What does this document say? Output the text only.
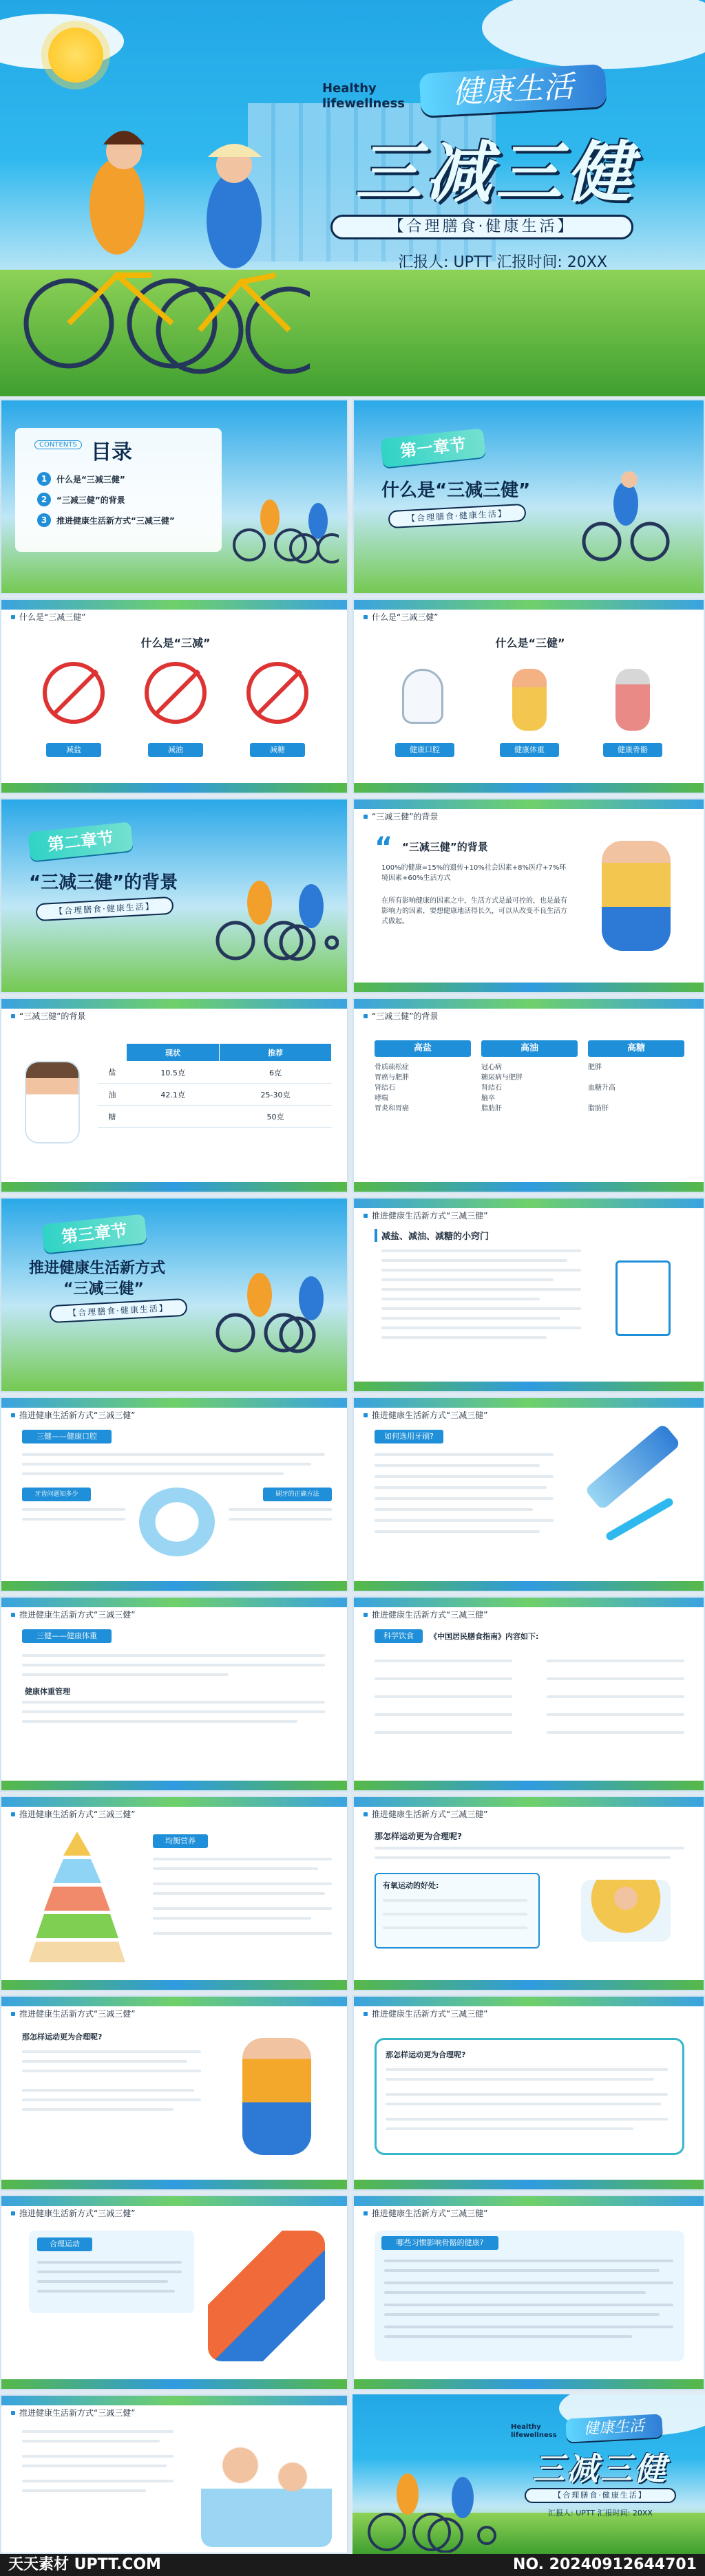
Healthy
lifewellness	健康生活
三减三健
【合理膳食·健康生活】
汇报人: UPTT 汇报时间: 20XX
CONTENTS 目录
1	什么是“三减三健”
2	“三减三健”的背景
3	推进健康生活新方式“三减三健”
第一章节
什么是“三减三健”
【合理膳食·健康生活】
什么是“三减三健”
什么是“三减”
减盐	减油	减糖
什么是“三减三健”
什么是“三健”
健康口腔	健康体重	健康骨骼
第二章节
“三减三健”的背景
【合理膳食·健康生活】
“三减三健”的背景
“ “三减三健”的背景
100%的健康=15%的遗传+10%社会因素+8%医疗+7%环境因素+60%生活方式
在所有影响健康的因素之中，生活方式是最可控的，也是最有影响力的因素，要想健康地活得长久，可以从改变不良生活方式做起。
“三减三健”的背景
	现状	推荐
盐	10.5克	6克
油	42.1克	25-30克
糖		50克
“三减三健”的背景
高盐
骨质疏松症
胃癌与肥胖
肾结石
哮喘
胃炎和胃癌
高油
冠心病
糖尿病与肥胖
肾结石
脑卒
脂肪肝
高糖
肥胖
血糖升高
脂肪肝
第三章节
推进健康生活新方式
“三减三健”
【合理膳食·健康生活】
推进健康生活新方式“三减三健”
减盐、减油、减糖的小窍门
推进健康生活新方式“三减三健”
三健——健康口腔
牙齿问题知多少	刷牙的正确方法
推进健康生活新方式“三减三健”
如何选用牙刷?
推进健康生活新方式“三减三健”
三健——健康体重
健康体重管理
推进健康生活新方式“三减三健”
科学饮食	《中国居民膳食指南》内容如下:
推进健康生活新方式“三减三健”
均衡营养
推进健康生活新方式“三减三健”
那怎样运动更为合理呢?
有氧运动的好处:
推进健康生活新方式“三减三健”
那怎样运动更为合理呢?
推进健康生活新方式“三减三健”
那怎样运动更为合理呢?
推进健康生活新方式“三减三健”
合理运动
推进健康生活新方式“三减三健”
哪些习惯影响骨骼的健康?
推进健康生活新方式“三减三健”
Healthy
lifewellness	健康生活
三减三健
【合理膳食·健康生活】
汇报人: UPTT 汇报时间: 20XX
天天素材 UPTT.COM	NO. 20240912644701
